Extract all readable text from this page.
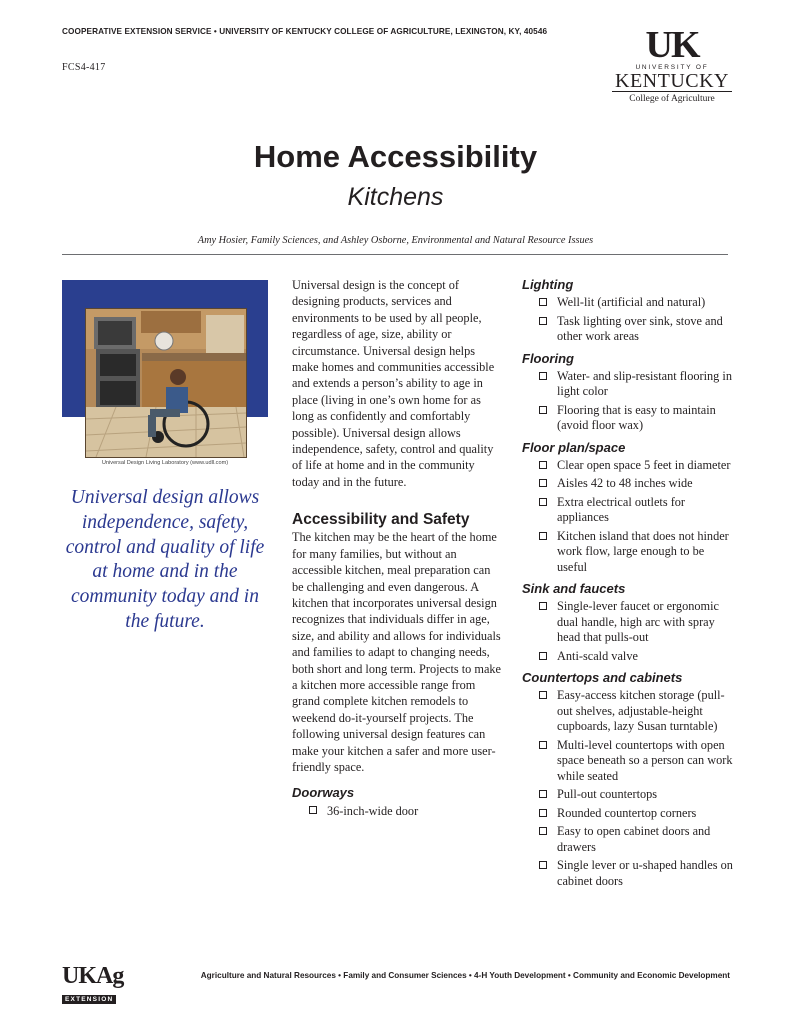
COOPERATIVE EXTENSION SERVICE • UNIVERSITY OF KENTUCKY COLLEGE OF AGRICULTURE, LEXINGTON, KY, 40546
FCS4-417
UK
UNIVERSITY OF
KENTUCKY
College of Agriculture
Home Accessibility
Kitchens
Amy Hosier, Family Sciences, and Ashley Osborne, Environmental and Natural Resource Issues
Universal Design Living Laboratory (www.udll.com)
Universal design allows independence, safety, control and quality of life at home and in the community today and in the future.

Universal design is the concept of designing products, services and environments to be used by all people, regardless of age, size, ability or circumstance. Universal design helps make homes and communities accessible and extends a person’s ability to age in place (living in one’s own home for as long as confidently and comfortably possible). Universal design allows independence, safety, control and quality of life at home and in the community today and in the future.

Accessibility and Safety

The kitchen may be the heart of the home for many families, but without an accessible kitchen, meal preparation can be challenging and even dangerous. A kitchen that incorporates universal design recognizes that individuals differ in age, size, and ability and allows for individuals and families to adapt to changing needs, both short and long term. Projects to make a kitchen more accessible range from grand complete kitchen remodels to weekend do-it-yourself projects. The following universal design features can make your kitchen a safer and more user-friendly space.

Doorways
36-inch-wide door
Lighting
Well-lit (artificial and natural)
Task lighting over sink, stove and other work areas
Flooring
Water- and slip-resistant flooring in light color
Flooring that is easy to maintain (avoid floor wax)
Floor plan/space
Clear open space 5 feet in diameter
Aisles 42 to 48 inches wide
Extra electrical outlets for appliances
Kitchen island that does not hinder work flow, large enough to be useful
Sink and faucets
Single-lever faucet or ergonomic dual handle, high arc with spray head that pulls-out
Anti-scald valve
Countertops and cabinets
Easy-access kitchen storage (pull-out shelves, adjustable-height cupboards, lazy Susan turntable)
Multi-level countertops with open space beneath so a person can work while seated
Pull-out countertops
Rounded countertop corners
Easy to open cabinet doors and drawers
Single lever or u-shaped handles on cabinet doors
UKAg
EXTENSION
Agriculture and Natural Resources • Family and Consumer Sciences • 4-H Youth Development • Community and Economic Development
